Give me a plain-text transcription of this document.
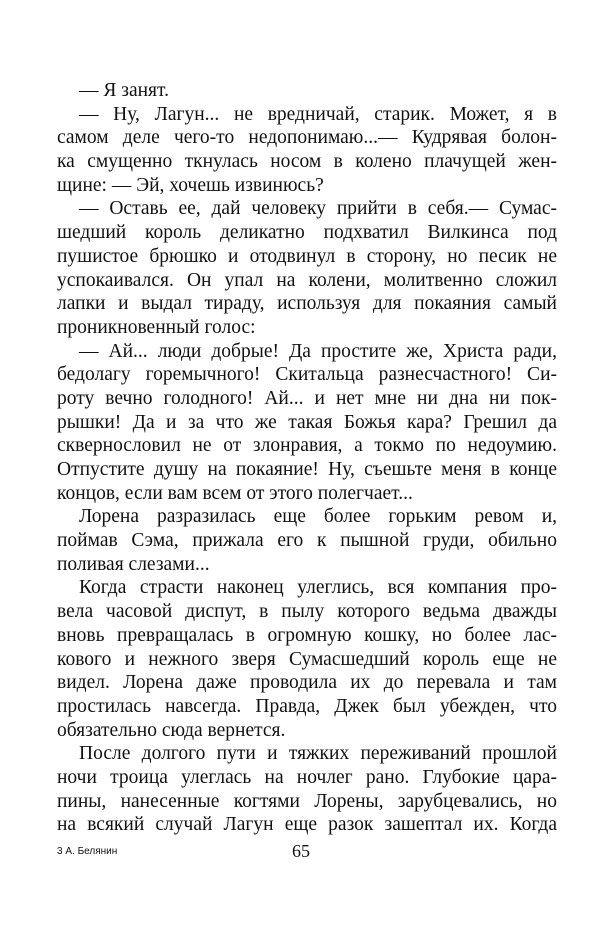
— Я занят.
— Ну, Лагун... не вредничай, старик. Может, я в
самом деле чего-то недопонимаю...— Кудрявая болон-
ка смущенно ткнулась носом в колено плачущей жен-
щине: — Эй, хочешь извинюсь?
— Оставь ее, дай человеку прийти в себя.— Сумас-
шедший король деликатно подхватил Вилкинса под
пушистое брюшко и отодвинул в сторону, но песик не
успокаивался. Он упал на колени, молитвенно сложил
лапки и выдал тираду, используя для покаяния самый
проникновенный голос:
— Ай... люди добрые! Да простите же, Христа ради,
бедолагу горемычного! Скитальца разнесчастного! Си-
роту вечно голодного! Ай... и нет мне ни дна ни пок-
рышки! Да и за что же такая Божья кара? Грешил да
сквернословил не от злонравия, а токмо по недоумию.
Отпустите душу на покаяние! Ну, съешьте меня в конце
концов, если вам всем от этого полегчает...
Лорена разразилась еще более горьким ревом и,
поймав Сэма, прижала его к пышной груди, обильно
поливая слезами...
Когда страсти наконец улеглись, вся компания про-
вела часовой диспут, в пылу которого ведьма дважды
вновь превращалась в огромную кошку, но более лас-
кового и нежного зверя Сумасшедший король еще не
видел. Лорена даже проводила их до перевала и там
простилась навсегда. Правда, Джек был убежден, что
обязательно сюда вернется.
После долгого пути и тяжких переживаний прошлой
ночи троица улеглась на ночлег рано. Глубокие цара-
пины, нанесенные когтями Лорены, зарубцевались, но
на всякий случай Лагун еще разок зашептал их. Когда
3 А. Белянин	65
